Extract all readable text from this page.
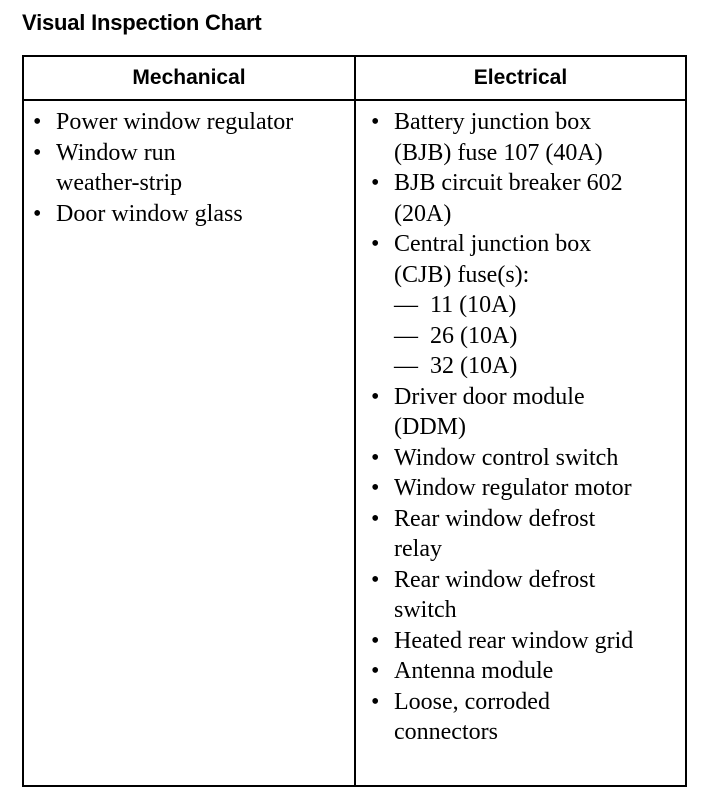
Visual Inspection Chart
Mechanical	Electrical
• Power window regulator
• Window run weather-strip
• Door window glass
• Battery junction box (BJB) fuse 107 (40A)
• BJB circuit breaker 602 (20A)
• Central junction box (CJB) fuse(s):
— 11 (10A)
— 26 (10A)
— 32 (10A)
• Driver door module (DDM)
• Window control switch
• Window regulator motor
• Rear window defrost relay
• Rear window defrost switch
• Heated rear window grid
• Antenna module
• Loose, corroded connectors
